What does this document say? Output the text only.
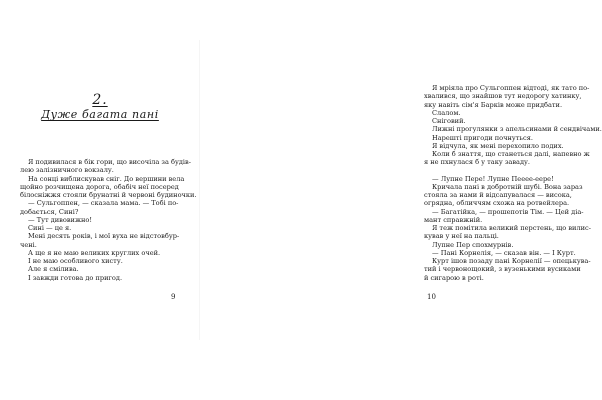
2.
Дуже багата пані

Я подивилася в бік гори, що височіла за будів-

лею залізничного вокзалу.

На сонці виблискував сніг. До вершини вела

щойно розчищена дорога, обабіч неї посеред

білосніжжя стояли брунатні й червоні будиночки.

— Сульгоппен, — сказала мама. — Тобі по-

добається, Сині?

— Тут дивовижно!

Сині — це я.

Мені десять років, і мої вуха не відстовбур-

чені.

А ще я не маю великих круглих очей.

І не маю особливого хисту.

Але я смілива.

І завжди готова до пригод.

9

Я мріяла про Сульгоппен відтоді, як тато по-

хвалився, що знайшов тут недорогу хатинку,

яку навіть сім'я Барків може придбати.

Слалом.

Сніговий.

Лижні прогулянки з апельсинами й сендвічами.

Нарешті пригоди почнуться.

Я відчула, як мені перехопило подих.

Коли б знаття, що станеться далі, напевно ж

я не пхнулася б у таку заваду.

— Лупне Пере! Лупне Пееее-еере!

Кричала пані в добротній шубі. Вона зараз

стояла за нами й відсапувалася — висока,

огрядна, обличчям схожа на ротвейлера.

— Багатійка, — прошепотів Тім. — Цей діа-

мант справжній.

Я теж помітила великий перстень, що вилис-

кував у неї на пальці.

Лупне Пер спохмурнів.

— Пані Корнелія, — сказав він. — І Курт.

Курт ішов позаду пані Корнелії — опецькува-

тий і червонощокий, з вузенькими вусиками

й сигарою в роті.

10
